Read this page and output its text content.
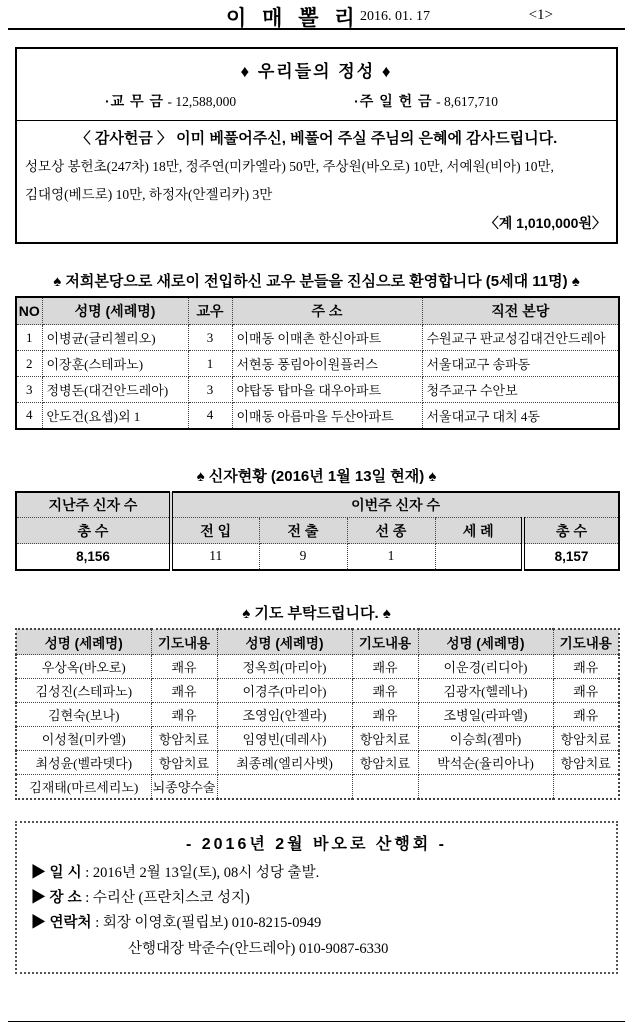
이 매 뽈 리 2016. 01. 17	<1>
♦ 우리들의 정성 ♦
·교 무 금 - 12,588,000	·주 일 헌 금 - 8,617,710
〈 감사헌금 〉 이미 베풀어주신, 베풀어 주실 주님의 은혜에 감사드립니다.
성모상 봉헌초(247차) 18만, 정주연(미카엘라) 50만, 주상원(바오로) 10만, 서예원(비아) 10만,
김대영(베드로) 10만, 하정자(안젤리카) 3만
〈계 1,010,000원〉
♠ 저희본당으로 새로이 전입하신 교우 분들을 진심으로 환영합니다 (5세대 11명) ♠
NO	성명 (세례명)	교우	주 소	직전 본당
1	이병균(글리첼리오)	3	이매동 이매촌 한신아파트	수원교구 판교성김대건안드레아
2	이장훈(스테파노)	1	서현동 풍림아이원플러스	서울대교구 송파동
3	정병돈(대건안드레아)	3	야탑동 탑마을 대우아파트	청주교구 수안보
4	안도건(요셉)외 1	4	이매동 아름마을 두산아파트	서울대교구 대치 4동
♠ 신자현황 (2016년 1월 13일 현재) ♠
지난주 신자 수	이번주 신자 수				
총 수	전 입	전 출	선 종	세 례	총 수
8,156	11	9	1		8,157
♠ 기도 부탁드립니다. ♠
성명 (세례명)	기도내용	성명 (세례명)	기도내용	성명 (세례명)	기도내용
우상옥(바오로)	쾌유	정옥희(마리아)	쾌유	이운경(리디아)	쾌유
김성진(스테파노)	쾌유	이경주(마리아)	쾌유	김광자(헬레나)	쾌유
김현숙(보나)	쾌유	조영임(안젤라)	쾌유	조병일(라파엘)	쾌유
이성철(미카엘)	항암치료	임영빈(데레사)	항암치료	이승희(젬마)	항암치료
최성윤(벨라뎃다)	항암치료	최종례(엘리사벳)	항암치료	박석순(율리아나)	항암치료
김재태(마르세리노)	뇌종양수술				
- 2016년 2월 바오로 산행회 -
▶ 일 시 : 2016년 2월 13일(토), 08시 성당 출발.
▶ 장 소 : 수리산 (프란치스코 성지)
▶ 연락처 : 회장 이영호(필립보) 010-8215-0949
산행대장 박준수(안드레아) 010-9087-6330
